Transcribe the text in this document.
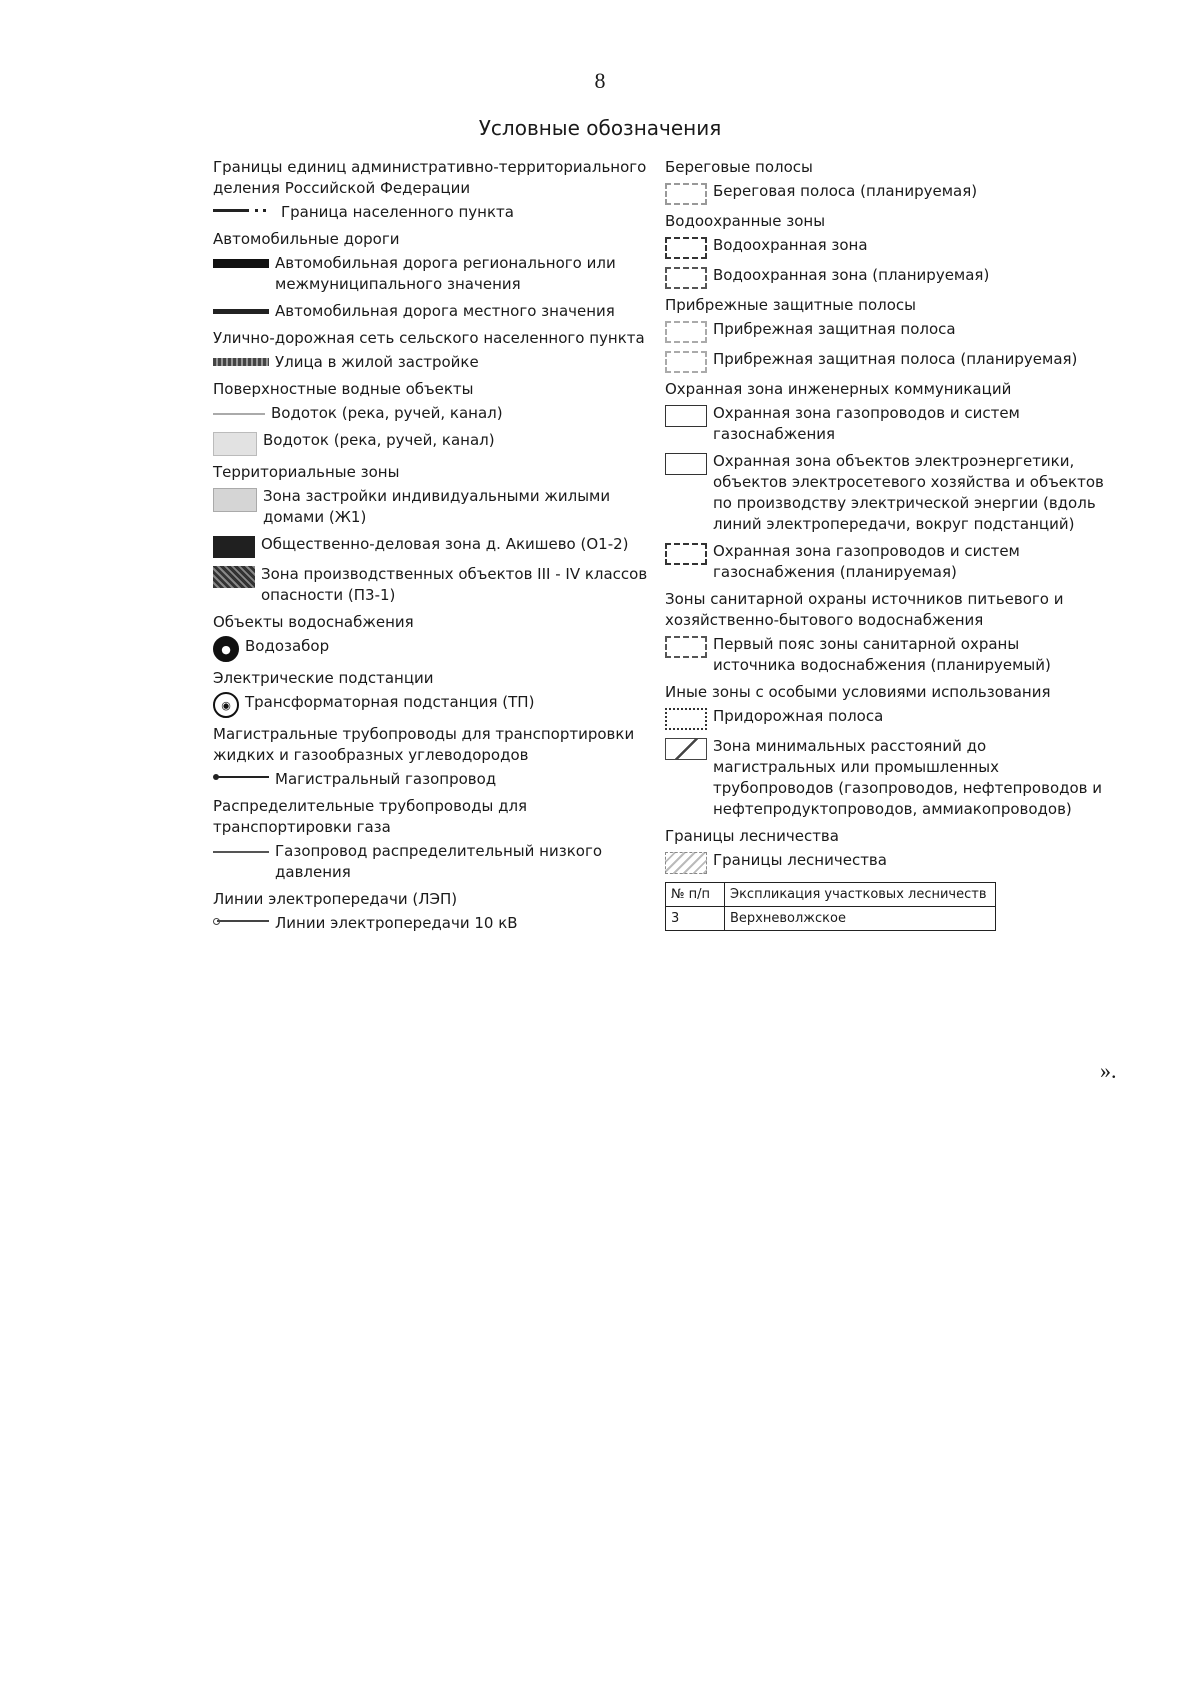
8
Условные обозначения
Границы единиц административно-территориального деления Российской Федерации
Граница населенного пункта
Автомобильные дороги
Автомобильная дорога регионального или межмуниципального значения
Автомобильная дорога местного значения
Улично-дорожная сеть сельского населенного пункта
Улица в жилой застройке
Поверхностные водные объекты
Водоток (река, ручей, канал)
Водоток (река, ручей, канал)
Территориальные зоны
Зона застройки индивидуальными жилыми домами (Ж1)
Общественно-деловая зона д. Акишево (О1-2)
Зона производственных объектов III - IV классов опасности (П3-1)
Объекты водоснабжения
● Водозабор
Электрические подстанции
◉ Трансформаторная подстанция (ТП)
Магистральные трубопроводы для транспортировки жидких и газообразных углеводородов
Магистральный газопровод
Распределительные трубопроводы для транспортировки газа
Газопровод распределительный низкого давления
Линии электропередачи (ЛЭП)
Линии электропередачи 10 кВ
Береговые полосы
Береговая полоса (планируемая)
Водоохранные зоны
Водоохранная зона
Водоохранная зона (планируемая)
Прибрежные защитные полосы
Прибрежная защитная полоса
Прибрежная защитная полоса (планируемая)
Охранная зона инженерных коммуникаций
Охранная зона газопроводов и систем газоснабжения
Охранная зона объектов электроэнергетики, объектов электросетевого хозяйства и объектов по производству электрической энергии (вдоль линий электропередачи, вокруг подстанций)
Охранная зона газопроводов и систем газоснабжения (планируемая)
Зоны санитарной охраны источников питьевого и хозяйственно-бытового водоснабжения
Первый пояс зоны санитарной охраны источника водоснабжения (планируемый)
Иные зоны с особыми условиями использования
Придорожная полоса
Зона минимальных расстояний до магистральных или промышленных трубопроводов (газопроводов, нефтепроводов и нефтепродуктопроводов, аммиакопроводов)
Границы лесничества
Границы лесничества
№ п/п	Экспликация участковых лесничеств
3	Верхневолжское
».
